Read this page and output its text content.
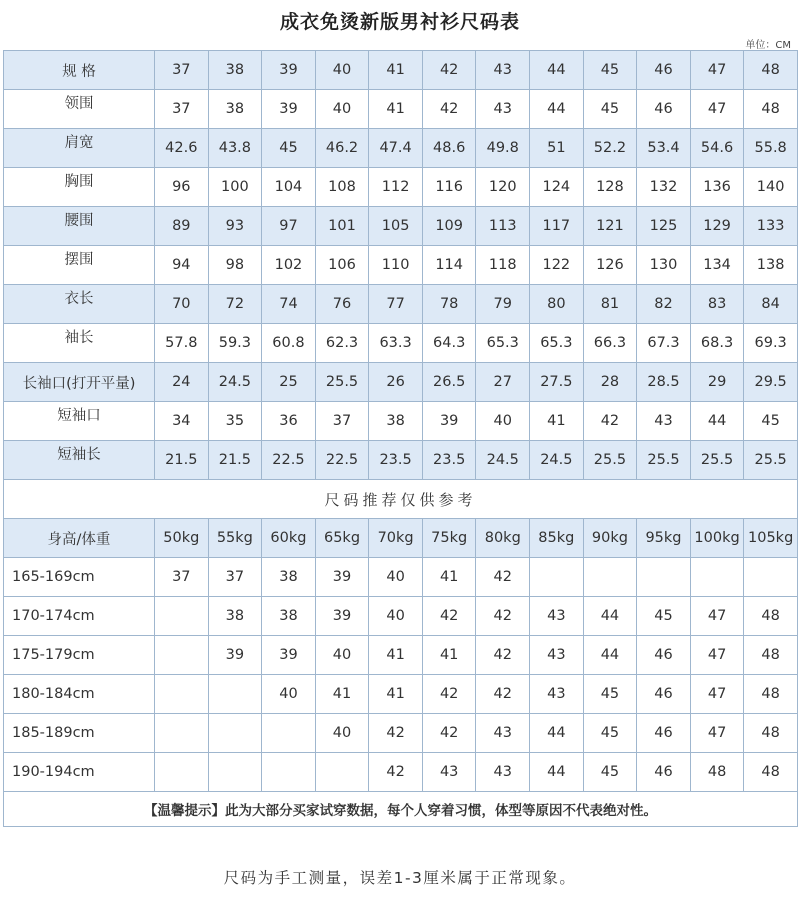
成衣免烫新版男衬衫尺码表
单位：CM
规 格	37	38	39	40	41	42	43	44	45	46	47	48
领围	37	38	39	40	41	42	43	44	45	46	47	48
肩宽	42.6	43.8	45	46.2	47.4	48.6	49.8	51	52.2	53.4	54.6	55.8
胸围	96	100	104	108	112	116	120	124	128	132	136	140
腰围	89	93	97	101	105	109	113	117	121	125	129	133
摆围	94	98	102	106	110	114	118	122	126	130	134	138
衣长	70	72	74	76	77	78	79	80	81	82	83	84
袖长	57.8	59.3	60.8	62.3	63.3	64.3	65.3	65.3	66.3	67.3	68.3	69.3
长袖口(打开平量)	24	24.5	25	25.5	26	26.5	27	27.5	28	28.5	29	29.5
短袖口	34	35	36	37	38	39	40	41	42	43	44	45
短袖长	21.5	21.5	22.5	22.5	23.5	23.5	24.5	24.5	25.5	25.5	25.5	25.5
尺码推荐仅供参考												
身高/体重	50kg	55kg	60kg	65kg	70kg	75kg	80kg	85kg	90kg	95kg	100kg	105kg
165-169cm	37	37	38	39	40	41	42					
170-174cm		38	38	39	40	42	42	43	44	45	47	48
175-179cm		39	39	40	41	41	42	43	44	46	47	48
180-184cm			40	41	41	42	42	43	45	46	47	48
185-189cm				40	42	42	43	44	45	46	47	48
190-194cm					42	43	43	44	45	46	48	48
【温馨提示】此为大部分买家试穿数据，每个人穿着习惯，体型等原因不代表绝对性。												
尺码为手工测量，误差1-3厘米属于正常现象。
